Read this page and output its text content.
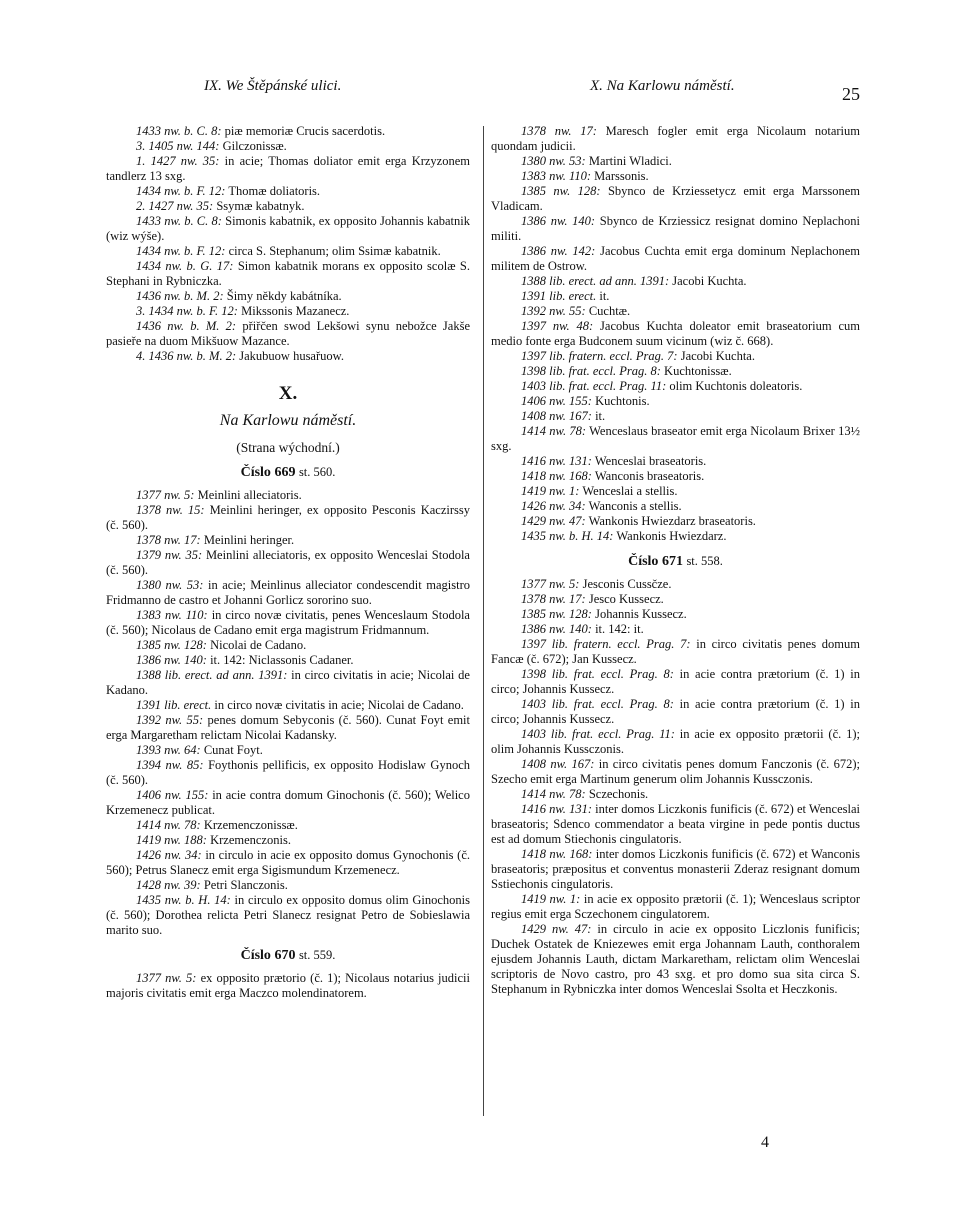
IX. We Štěpánské ulici.	X. Na Karlowu náměstí.	25

1433 nw. b. C. 8: piæ memoriæ Crucis sacerdotis.

3. 1405 nw. 144: Gilczonissæ.

1. 1427 nw. 35: in acie; Thomas doliator emit erga Krzyzonem tandlerz 13 sxg.

1434 nw. b. F. 12: Thomæ doliatoris.

2. 1427 nw. 35: Ssymæ kabatnyk.

1433 nw. b. C. 8: Simonis kabatnik, ex opposito Johannis kabatnik (wiz wýše).

1434 nw. b. F. 12: circa S. Stephanum; olim Ssimæ kabatnik.

1434 nw. b. G. 17: Simon kabatnik morans ex opposito scolæ S. Stephani in Rybniczka.

1436 nw. b. M. 2: Šimy někdy kabátníka.

3. 1434 nw. b. F. 12: Mikssonis Mazanecz.

1436 nw. b. M. 2: přiřčen swod Lekšowi synu nebožce Jakše pasieře na duom Mikšuow Mazance.

4. 1436 nw. b. M. 2: Jakubuow husařuow.

X.
Na Karlowu náměstí.
(Strana wýchodní.)
Číslo 669 st. 560.

1377 nw. 5: Meinlini alleciatoris.

1378 nw. 15: Meinlini heringer, ex opposito Pesconis Kaczirssy (č. 560).

1378 nw. 17: Meinlini heringer.

1379 nw. 35: Meinlini alleciatoris, ex opposito Wenceslai Stodola (č. 560).

1380 nw. 53: in acie; Meinlinus alleciator condescendit magistro Fridmanno de castro et Johanni Gorlicz sororino suo.

1383 nw. 110: in circo novæ civitatis, penes Wenceslaum Stodola (č. 560); Nicolaus de Cadano emit erga magistrum Fridmannum.

1385 nw. 128: Nicolai de Cadano.

1386 nw. 140: it. 142: Niclassonis Cadaner.

1388 lib. erect. ad ann. 1391: in circo civitatis in acie; Nicolai de Kadano.

1391 lib. erect. in circo novæ civitatis in acie; Nicolai de Cadano.

1392 nw. 55: penes domum Sebyconis (č. 560). Cunat Foyt emit erga Margaretham relictam Nicolai Kadansky.

1393 nw. 64: Cunat Foyt.

1394 nw. 85: Foythonis pellificis, ex opposito Hodislaw Gynoch (č. 560).

1406 nw. 155: in acie contra domum Ginochonis (č. 560); Welico Krzemenecz publicat.

1414 nw. 78: Krzemenczonissæ.

1419 nw. 188: Krzemenczonis.

1426 nw. 34: in circulo in acie ex opposito domus Gynochonis (č. 560); Petrus Slanecz emit erga Sigismundum Krzemenecz.

1428 nw. 39: Petri Slanczonis.

1435 nw. b. H. 14: in circulo ex opposito domus olim Ginochonis (č. 560); Dorothea relicta Petri Slanecz resignat Petro de Sobieslawia marito suo.

Číslo 670 st. 559.

1377 nw. 5: ex opposito prætorio (č. 1); Nicolaus notarius judicii majoris civitatis emit erga Maczco molendinatorem.

1378 nw. 17: Maresch fogler emit erga Nicolaum notarium quondam judicii.

1380 nw. 53: Martini Wladici.

1383 nw. 110: Marssonis.

1385 nw. 128: Sbynco de Krziessetycz emit erga Marssonem Vladicam.

1386 nw. 140: Sbynco de Krziessicz resignat domino Neplachoni militi.

1386 nw. 142: Jacobus Cuchta emit erga dominum Neplachonem militem de Ostrow.

1388 lib. erect. ad ann. 1391: Jacobi Kuchta.

1391 lib. erect. it.

1392 nw. 55: Cuchtæ.

1397 nw. 48: Jacobus Kuchta doleator emit braseatorium cum medio fonte erga Budconem suum vicinum (wiz č. 668).

1397 lib. fratern. eccl. Prag. 7: Jacobi Kuchta.

1398 lib. frat. eccl. Prag. 8: Kuchtonissæ.

1403 lib. frat. eccl. Prag. 11: olim Kuchtonis doleatoris.

1406 nw. 155: Kuchtonis.

1408 nw. 167: it.

1414 nw. 78: Wenceslaus braseator emit erga Nicolaum Brixer 13½ sxg.

1416 nw. 131: Wenceslai braseatoris.

1418 nw. 168: Wanconis braseatoris.

1419 nw. 1: Wenceslai a stellis.

1426 nw. 34: Wanconis a stellis.

1429 nw. 47: Wankonis Hwiezdarz braseatoris.

1435 nw. b. H. 14: Wankonis Hwiezdarz.

Číslo 671 st. 558.

1377 nw. 5: Jesconis Cussčze.

1378 nw. 17: Jesco Kussecz.

1385 nw. 128: Johannis Kussecz.

1386 nw. 140: it. 142: it.

1397 lib. fratern. eccl. Prag. 7: in circo civitatis penes domum Fancæ (č. 672); Jan Kussecz.

1398 lib. frat. eccl. Prag. 8: in acie contra prætorium (č. 1) in circo; Johannis Kussecz.

1403 lib. frat. eccl. Prag. 8: in acie contra prætorium (č. 1) in circo; Johannis Kussecz.

1403 lib. frat. eccl. Prag. 11: in acie ex opposito prætorii (č. 1); olim Johannis Kussczonis.

1408 nw. 167: in circo civitatis penes domum Fanczonis (č. 672); Szecho emit erga Martinum generum olim Johannis Kussczonis.

1414 nw. 78: Sczechonis.

1416 nw. 131: inter domos Liczkonis funificis (č. 672) et Wenceslai braseatoris; Sdenco commendator a beata virgine in pede pontis ductus est ad domum Stiechonis cingulatoris.

1418 nw. 168: inter domos Liczkonis funificis (č. 672) et Wanconis braseatoris; præpositus et conventus monasterii Zderaz resignant domum Sstiechonis cingulatoris.

1419 nw. 1: in acie ex opposito prætorii (č. 1); Wenceslaus scriptor regius emit erga Sczechonem cingulatorem.

1429 nw. 47: in circulo in acie ex opposito Liczlonis funificis; Duchek Ostatek de Kniezewes emit erga Johannam Lauth, conthoralem ejusdem Johannis Lauth, dictam Markaretham, relictam olim Wenceslai scriptoris de Novo castro, pro 43 sxg. et pro domo sua sita circa S. Stephanum in Rybniczka inter domos Wenceslai Ssolta et Heczkonis.

4
